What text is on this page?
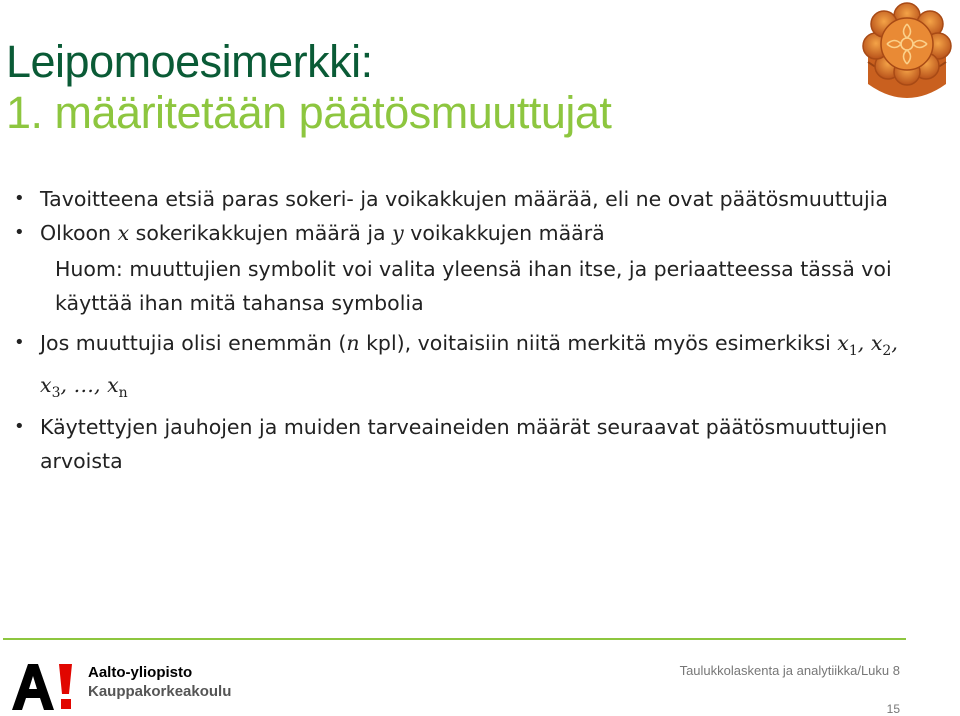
Leipomoesimerkki:
1. määritetään päätösmuuttujat
• Tavoitteena etsiä paras sokeri- ja voikakkujen määrää, eli ne ovat päätösmuuttujia
• Olkoon x sokerikakkujen määrä ja y voikakkujen määrä
Huom: muuttujien symbolit voi valita yleensä ihan itse, ja periaatteessa tässä voi käyttää ihan mitä tahansa symbolia
• Jos muuttujia olisi enemmän (n kpl), voitaisiin niitä merkitä myös esimerkiksi $x_1$, $x_2$, $x_3$, …, $x_n$
• Käytettyjen jauhojen ja muiden tarveaineiden määrät seuraavat päätösmuuttujien arvoista
Aalto-yliopisto
Kauppakorkeakoulu
Taulukkolaskenta ja analytiikka/Luku 8
15
